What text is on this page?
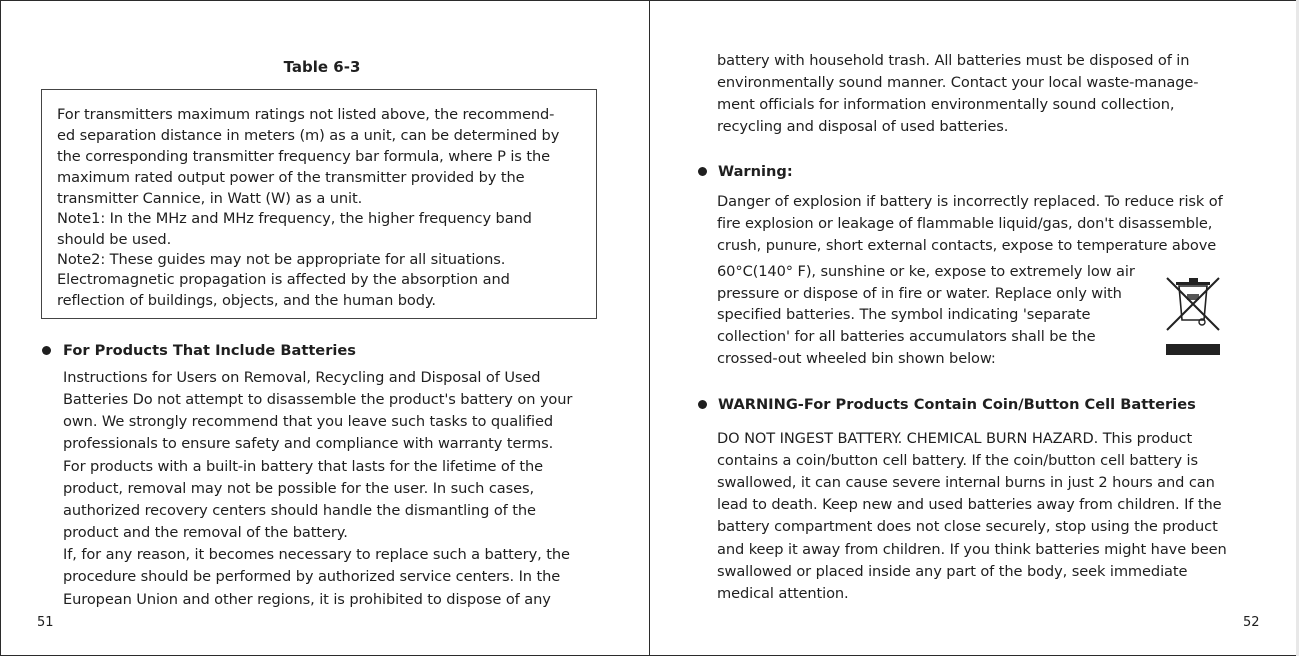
Table 6-3
For transmitters maximum ratings not listed above, the recommend-
ed separation distance in meters (m) as a unit, can be determined by
the corresponding transmitter frequency bar formula, where P is the
maximum rated output power of the transmitter provided by the
transmitter Cannice, in Watt (W) as a unit.
Note1: In the MHz and MHz frequency, the higher frequency band
should be used.
Note2: These guides may not be appropriate for all situations.
Electromagnetic propagation is affected by the absorption and
reflection of buildings, objects, and the human body.
For Products That Include Batteries
Instructions for Users on Removal, Recycling and Disposal of Used
Batteries Do not attempt to disassemble the product's battery on your
own. We strongly recommend that you leave such tasks to qualified
professionals to ensure safety and compliance with warranty terms.
For products with a built-in battery that lasts for the lifetime of the
product, removal may not be possible for the user. In such cases,
authorized recovery centers should handle the dismantling of the
product and the removal of the battery.
If, for any reason, it becomes necessary to replace such a battery, the
procedure should be performed by authorized service centers. In the
European Union and other regions, it is prohibited to dispose of any
51
battery with household trash. All batteries must be disposed of in
environmentally sound manner. Contact your local waste-manage-
ment officials for information environmentally sound collection,
recycling and disposal of used batteries.
Warning:
Danger of explosion if battery is incorrectly replaced. To reduce risk of
fire explosion or leakage of flammable liquid/gas, don't disassemble,
crush, punure, short external contacts, expose to temperature above
60°C(140° F), sunshine or ke, expose to extremely low air
pressure or dispose of in fire or water. Replace only with
specified batteries. The symbol indicating 'separate
collection' for all batteries accumulators shall be the
crossed-out wheeled bin shown below:
WARNING-For Products Contain Coin/Button Cell Batteries
DO NOT INGEST BATTERY. CHEMICAL BURN HAZARD. This product
contains a coin/button cell battery. If the coin/button cell battery is
swallowed, it can cause severe internal burns in just 2 hours and can
lead to death. Keep new and used batteries away from children. If the
battery compartment does not close securely, stop using the product
and keep it away from children. If you think batteries might have been
swallowed or placed inside any part of the body, seek immediate
medical attention.
52
